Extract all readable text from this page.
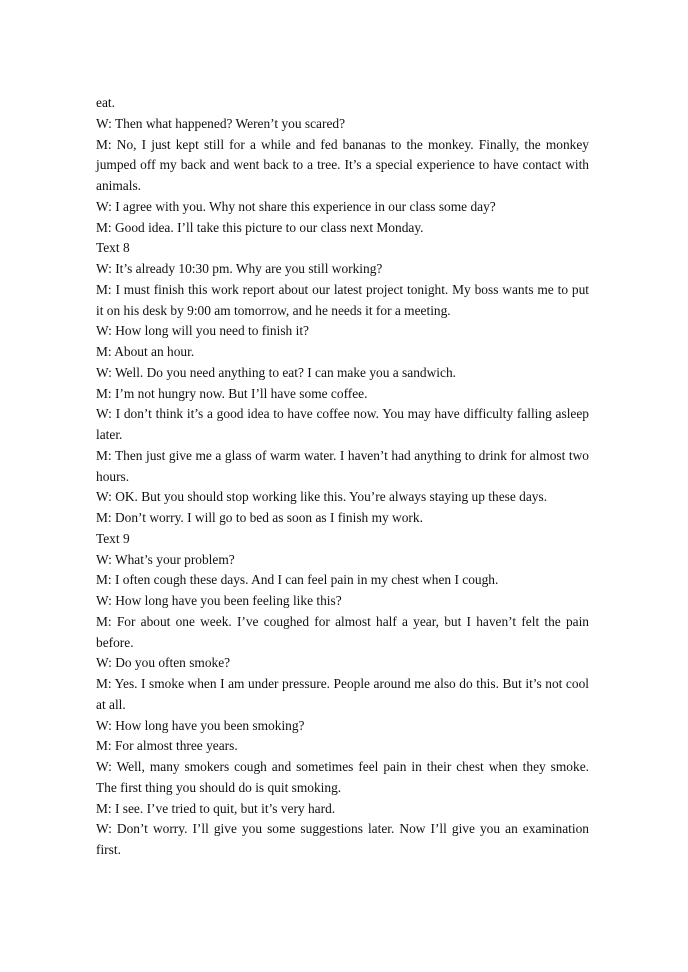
eat.
W: Then what happened? Weren’t you scared?
M: No, I just kept still for a while and fed bananas to the monkey. Finally, the monkey jumped off my back and went back to a tree. It’s a special experience to have contact with animals.
W: I agree with you. Why not share this experience in our class some day?
M: Good idea. I’ll take this picture to our class next Monday.
Text 8
W: It’s already 10:30 pm. Why are you still working?
M: I must finish this work report about our latest project tonight. My boss wants me to put it on his desk by 9:00 am tomorrow, and he needs it for a meeting.
W: How long will you need to finish it?
M: About an hour.
W: Well. Do you need anything to eat? I can make you a sandwich.
M: I’m not hungry now. But I’ll have some coffee.
W: I don’t think it’s a good idea to have coffee now. You may have difficulty falling asleep later.
M: Then just give me a glass of warm water. I haven’t had anything to drink for almost two hours.
W: OK. But you should stop working like this. You’re always staying up these days.
M: Don’t worry. I will go to bed as soon as I finish my work.
Text 9
W: What’s your problem?
M: I often cough these days. And I can feel pain in my chest when I cough.
W: How long have you been feeling like this?
M: For about one week. I’ve coughed for almost half a year, but I haven’t felt the pain before.
W: Do you often smoke?
M: Yes. I smoke when I am under pressure. People around me also do this. But it’s not cool at all.
W: How long have you been smoking?
M: For almost three years.
W: Well, many smokers cough and sometimes feel pain in their chest when they smoke. The first thing you should do is quit smoking.
M: I see. I’ve tried to quit, but it’s very hard.
W: Don’t worry. I’ll give you some suggestions later. Now I’ll give you an examination first.
